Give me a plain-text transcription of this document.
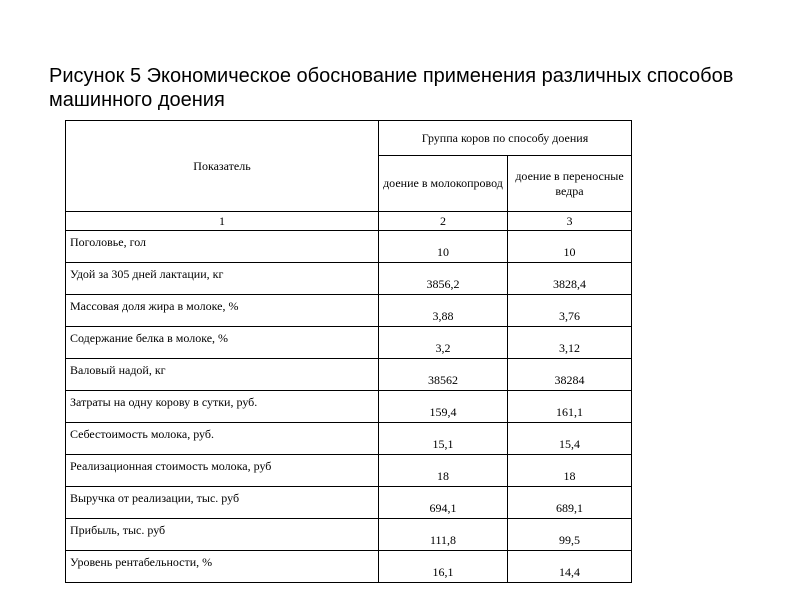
Рисунок 5 Экономическое обоснование применения различных способов машинного доения
Показатель	Группа коров по способу доения	
	доение в молокопровод	доение в переносные ведра
1	2	3
Поголовье, гол	10	10
Удой за 305 дней лактации, кг	3856,2	3828,4
Массовая доля жира в молоке, %	3,88	3,76
Содержание белка в молоке, %	3,2	3,12
Валовый надой, кг	38562	38284
Затраты на одну корову в сутки, руб.	159,4	161,1
Себестоимость молока, руб.	15,1	15,4
Реализационная стоимость молока, руб	18	18
Выручка от реализации, тыс. руб	694,1	689,1
Прибыль, тыс. руб	111,8	99,5
Уровень рентабельности, %	16,1	14,4
